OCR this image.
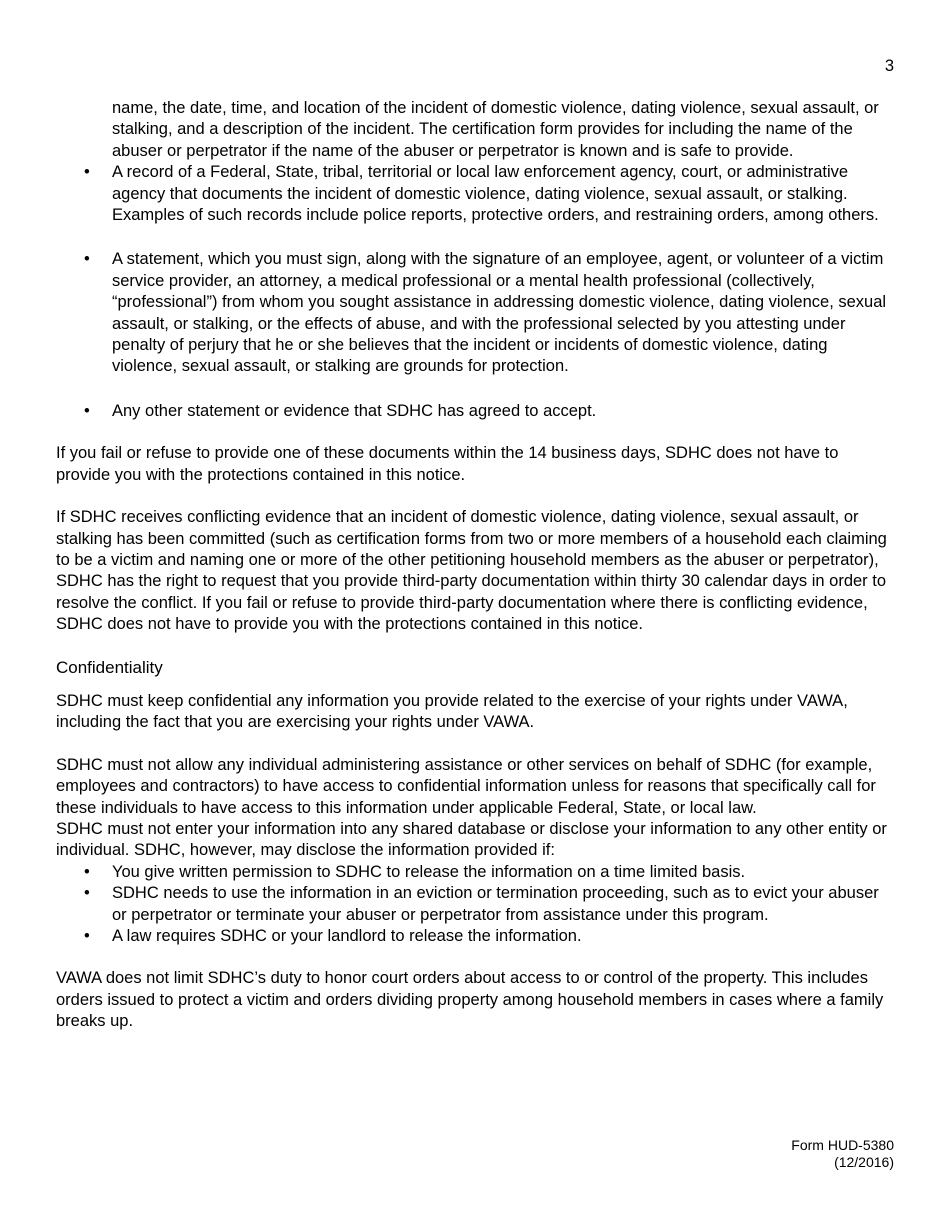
3

name, the date, time, and location of the incident of domestic violence, dating violence, sexual assault, or stalking, and a description of the incident. The certification form provides for including the name of the abuser or perpetrator if the name of the abuser or perpetrator is known and is safe to provide.

• A record of a Federal, State, tribal, territorial or local law enforcement agency, court, or administrative agency that documents the incident of domestic violence, dating violence, sexual assault, or stalking. Examples of such records include police reports, protective orders, and restraining orders, among others.
• A statement, which you must sign, along with the signature of an employee, agent, or volunteer of a victim service provider, an attorney, a medical professional or a mental health professional (collectively, “professional”) from whom you sought assistance in addressing domestic violence, dating violence, sexual assault, or stalking, or the effects of abuse, and with the professional selected by you attesting under penalty of perjury that he or she believes that the incident or incidents of domestic violence, dating violence, sexual assault, or stalking are grounds for protection.
• Any other statement or evidence that SDHC has agreed to accept.

If you fail or refuse to provide one of these documents within the 14 business days, SDHC does not have to provide you with the protections contained in this notice.

If SDHC receives conflicting evidence that an incident of domestic violence, dating violence, sexual assault, or stalking has been committed (such as certification forms from two or more members of a household each claiming to be a victim and naming one or more of the other petitioning household members as the abuser or perpetrator), SDHC has the right to request that you provide third-party documentation within thirty 30 calendar days in order to resolve the conflict. If you fail or refuse to provide third-party documentation where there is conflicting evidence, SDHC does not have to provide you with the protections contained in this notice.

Confidentiality

SDHC must keep confidential any information you provide related to the exercise of your rights under VAWA, including the fact that you are exercising your rights under VAWA.

SDHC must not allow any individual administering assistance or other services on behalf of SDHC (for example, employees and contractors) to have access to confidential information unless for reasons that specifically call for these individuals to have access to this information under applicable Federal, State, or local law.

SDHC must not enter your information into any shared database or disclose your information to any other entity or individual. SDHC, however, may disclose the information provided if:

• You give written permission to SDHC to release the information on a time limited basis.
• SDHC needs to use the information in an eviction or termination proceeding, such as to evict your abuser or perpetrator or terminate your abuser or perpetrator from assistance under this program.
• A law requires SDHC or your landlord to release the information.

VAWA does not limit SDHC’s duty to honor court orders about access to or control of the property. This includes orders issued to protect a victim and orders dividing property among household members in cases where a family breaks up.

Form HUD-5380
(12/2016)
